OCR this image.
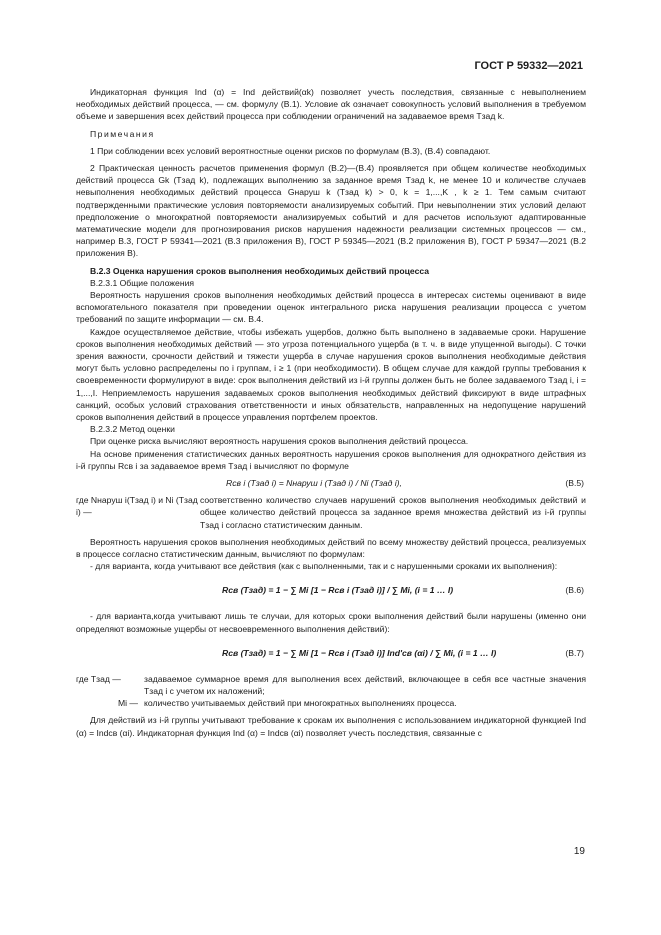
ГОСТ Р 59332—2021

Индикаторная функция Ind (α) = Ind действий(αk) позволяет учесть последствия, связанные с невыполнением необходимых действий процесса, — см. формулу (В.1). Условие αk означает совокупность условий выполнения в требуемом объеме и завершения всех действий процесса при соблюдении ограничений на задаваемое время Tзад k.

Примечания

1 При соблюдении всех условий вероятностные оценки рисков по формулам (В.3), (В.4) совпадают.

2 Практическая ценность расчетов применения формул (В.2)—(В.4) проявляется при общем количестве необходимых действий процесса Gk (Tзад k), подлежащих выполнению за заданное время Tзад k, не менее 10 и количестве случаев невыполнения необходимых действий процесса Gнаруш k (Tзад k) > 0, k = 1,...,K , k ≥ 1. Тем самым считают подтвержденными практические условия повторяемости анализируемых событий. При невыполнении этих условий делают предположение о многократной повторяемости анализируемых событий и для расчетов используют адаптированные математические модели для прогнозирования рисков нарушения надежности реализации системных процессов — см., например В.3, ГОСТ Р 59341—2021 (В.3 приложения В), ГОСТ Р 59345—2021 (В.2 приложения В), ГОСТ Р 59347—2021 (В.2 приложения В).

В.2.3 Оценка нарушения сроков выполнения необходимых действий процесса

В.2.3.1 Общие положения

Вероятность нарушения сроков выполнения необходимых действий процесса в интересах системы оценивают в виде вспомогательного показателя при проведении оценок интегрального риска нарушения реализации процесса с учетом требований по защите информации — см. В.4.

Каждое осуществляемое действие, чтобы избежать ущербов, должно быть выполнено в задаваемые сроки. Нарушение сроков выполнения необходимых действий — это угроза потенциального ущерба (в т. ч. в виде упущенной выгоды). С точки зрения важности, срочности действий и тяжести ущерба в случае нарушения сроков выполнения необходимые действия могут быть условно распределены по i группам, i ≥ 1 (при необходимости). В общем случае для каждой группы требования к своевременности формулируют в виде: срок выполнения действий из i-й группы должен быть не более задаваемого Tзад i, i = 1,...,I. Неприемлемость нарушения задаваемых сроков выполнения необходимых действий фиксируют в виде штрафных санкций, особых условий страхования ответственности и иных обязательств, направленных на недопущение нарушений сроков выполнения действий в процессе управления портфелем проектов.

В.2.3.2 Метод оценки

При оценке риска вычисляют вероятность нарушения сроков выполнения действий процесса.

На основе применения статистических данных вероятность нарушения сроков выполнения для однократного действия из i-й группы Rсв i за задаваемое время Tзад i вычисляют по формуле

Rсв i (Tзад i) = Nнаруш i (Tзад i) / Ni (Tзад i),	(В.5)
где Nнаруш i(Tзад i) и Ni (Tзад i) —
соответственно количество случаев нарушений сроков выполнения необходимых действий и общее количество действий процесса за заданное время множества действий из i-й группы Tзад i согласно статистическим данным.

Вероятность нарушения сроков выполнения необходимых действий по всему множеству действий процесса, реализуемых в процессе согласно статистическим данным, вычисляют по формулам:

- для варианта, когда учитывают все действия (как с выполненными, так и с нарушенными сроками их выполнения):

Rсв (Tзад) = 1 − ∑ Mi [1 − Rсв i (Tзад i)] / ∑ Mi, (i = 1 … I)	(В.6)

- для варианта,когда учитывают лишь те случаи, для которых сроки выполнения действий были нарушены (именно они определяют возможные ущербы от несвоевременного выполнения действий):

Rсв (Tзад) = 1 − ∑ Mi [1 − Rсв i (Tзад i)] Ind'св (αi) / ∑ Mi, (i = 1 … I)	(В.7)
где Tзад —	задаваемое суммарное время для выполнения всех действий, включающее в себя все частные значения Tзад i с учетом их наложений;
Mi — количество учитываемых действий при многократных выполнениях процесса.

Для действий из i-й группы учитывают требование к срокам их выполнения с использованием индикаторной функцией Ind (α) = Indсв (αi). Индикаторная функция Ind (α) = Indсв (αi) позволяет учесть последствия, связанные с

19
